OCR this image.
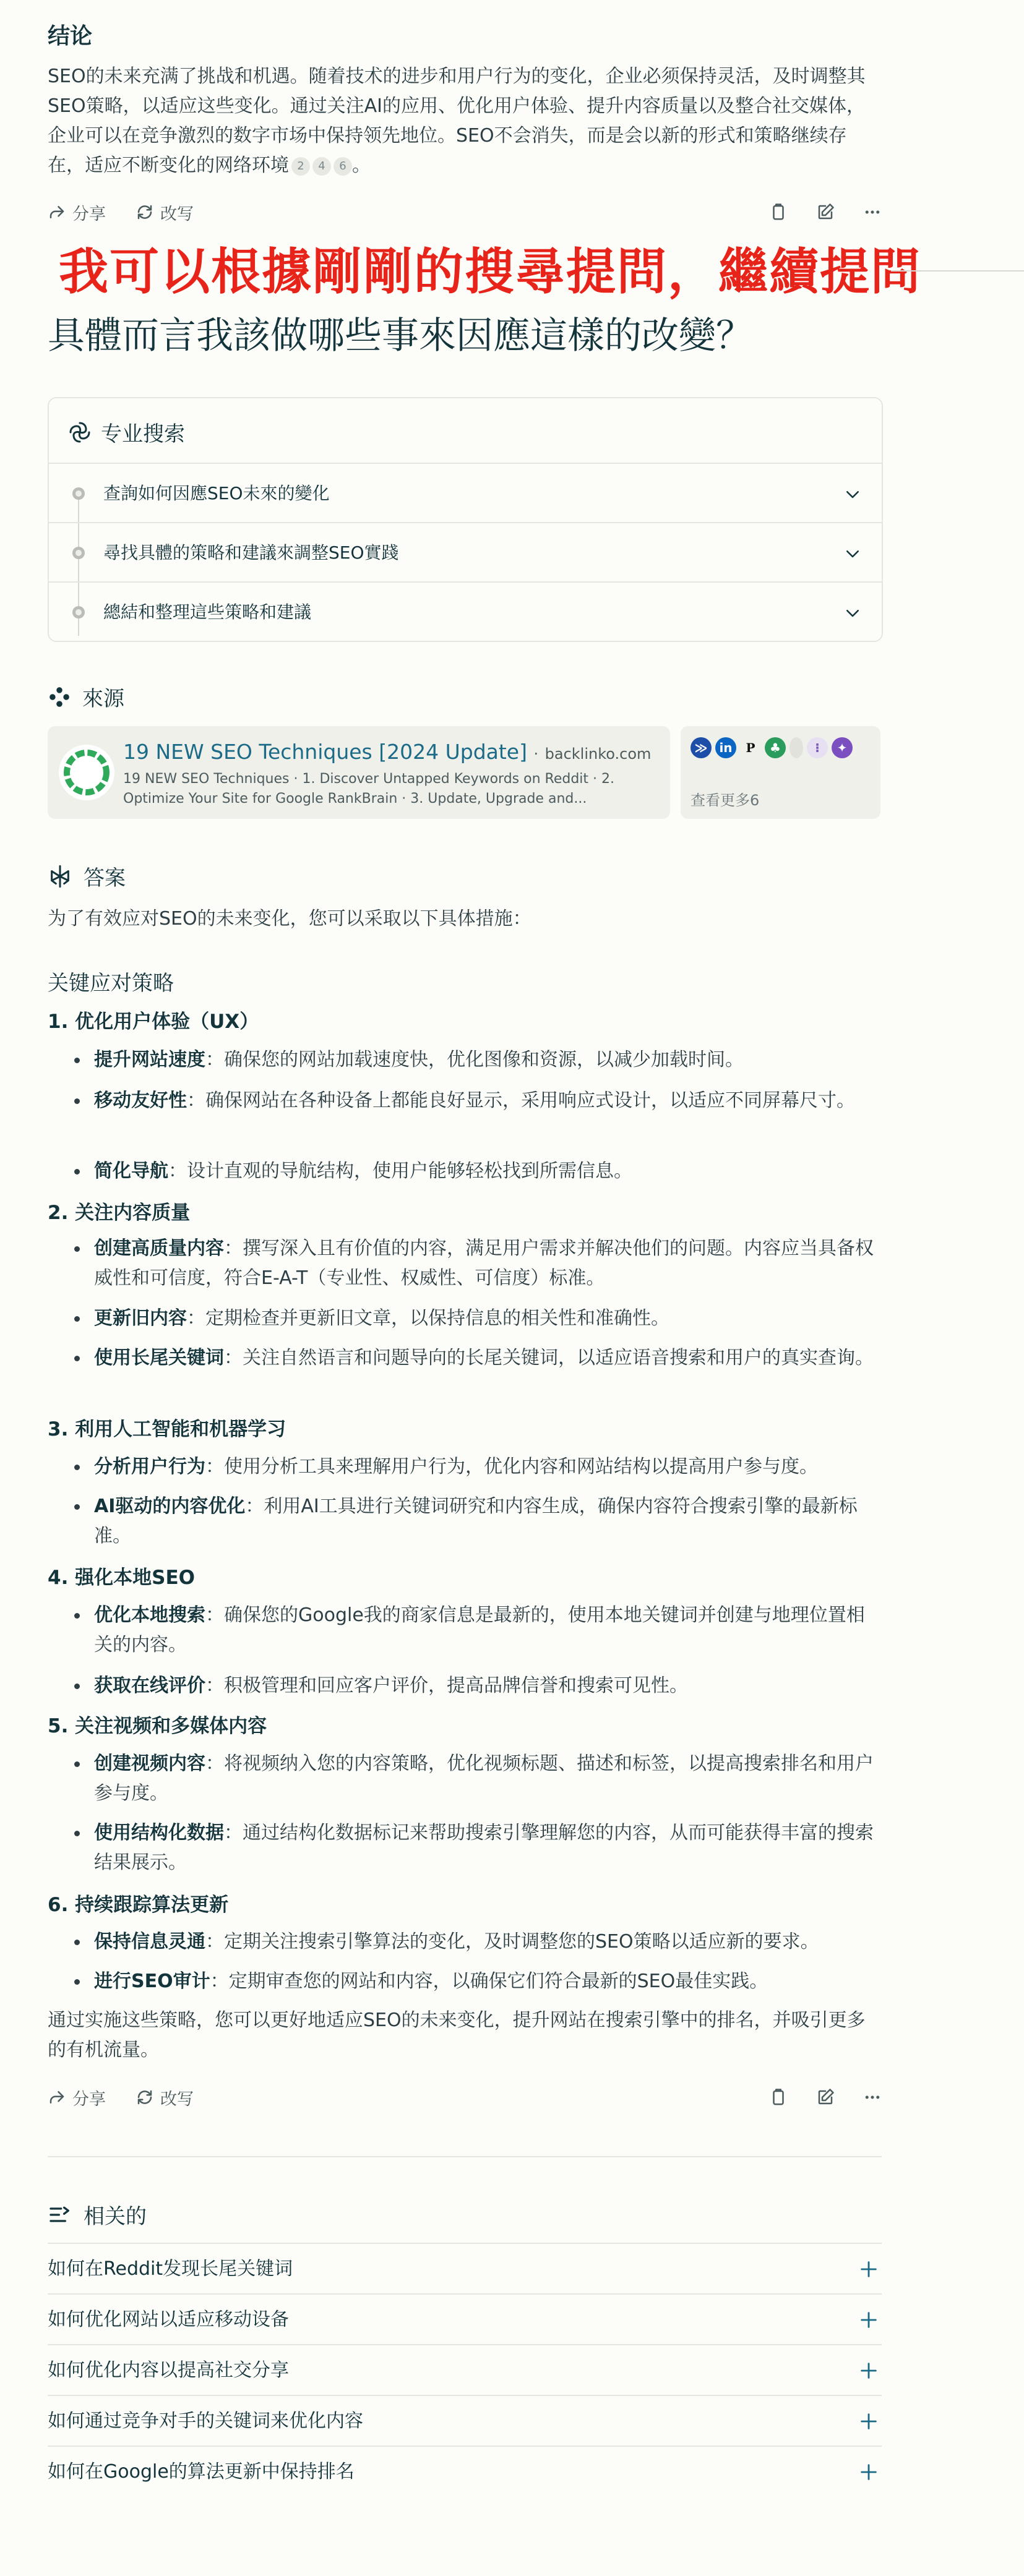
结论
SEO的未来充满了挑战和机遇。随着技术的进步和用户行为的变化，企业必须保持灵活，及时调整其SEO策略，以适应这些变化。通过关注AI的应用、优化用户体验、提升内容质量以及整合社交媒体，企业可以在竞争激烈的数字市场中保持领先地位。SEO不会消失，而是会以新的形式和策略继续存在，适应不断变化的网络环境 2 4 6 。
分享	改写
我可以根據剛剛的搜尋提問，繼續提問
具體而言我該做哪些事來因應這樣的改變？
专业搜索
查詢如何因應SEO未來的變化
尋找具體的策略和建議來調整SEO實踐
總結和整理這些策略和建議
來源
19 NEW SEO Techniques [2024 Update] · backlinko.com
19 NEW SEO Techniques · 1. Discover Untapped Keywords on Reddit · 2. Optimize Your Site for Google RankBrain · 3. Update, Upgrade and...
≫ in	P	♣	⁝	✦
查看更多6
答案
为了有效应对SEO的未来变化，您可以采取以下具体措施：
关键应对策略
1. 优化用户体验（UX）
提升网站速度：确保您的网站加载速度快，优化图像和资源，以减少加载时间。
移动友好性：确保网站在各种设备上都能良好显示，采用响应式设计，以适应不同屏幕尺寸。
简化导航：设计直观的导航结构，使用户能够轻松找到所需信息。
2. 关注内容质量
创建高质量内容：撰写深入且有价值的内容，满足用户需求并解决他们的问题。内容应当具备权威性和可信度，符合E-A-T（专业性、权威性、可信度）标准。
更新旧内容：定期检查并更新旧文章，以保持信息的相关性和准确性。
使用长尾关键词：关注自然语言和问题导向的长尾关键词，以适应语音搜索和用户的真实查询。
3. 利用人工智能和机器学习
分析用户行为：使用分析工具来理解用户行为，优化内容和网站结构以提高用户参与度。
AI驱动的内容优化：利用AI工具进行关键词研究和内容生成，确保内容符合搜索引擎的最新标准。
4. 强化本地SEO
优化本地搜索：确保您的Google我的商家信息是最新的，使用本地关键词并创建与地理位置相关的内容。
获取在线评价：积极管理和回应客户评价，提高品牌信誉和搜索可见性。
5. 关注视频和多媒体内容
创建视频内容：将视频纳入您的内容策略，优化视频标题、描述和标签，以提高搜索排名和用户参与度。
使用结构化数据：通过结构化数据标记来帮助搜索引擎理解您的内容，从而可能获得丰富的搜索结果展示。
6. 持续跟踪算法更新
保持信息灵通：定期关注搜索引擎算法的变化，及时调整您的SEO策略以适应新的要求。
进行SEO审计：定期审查您的网站和内容，以确保它们符合最新的SEO最佳实践。
通过实施这些策略，您可以更好地适应SEO的未来变化，提升网站在搜索引擎中的排名，并吸引更多的有机流量。
分享	改写
相关的
如何在Reddit发现长尾关键词
如何优化网站以适应移动设备
如何优化内容以提高社交分享
如何通过竞争对手的关键词来优化内容
如何在Google的算法更新中保持排名
